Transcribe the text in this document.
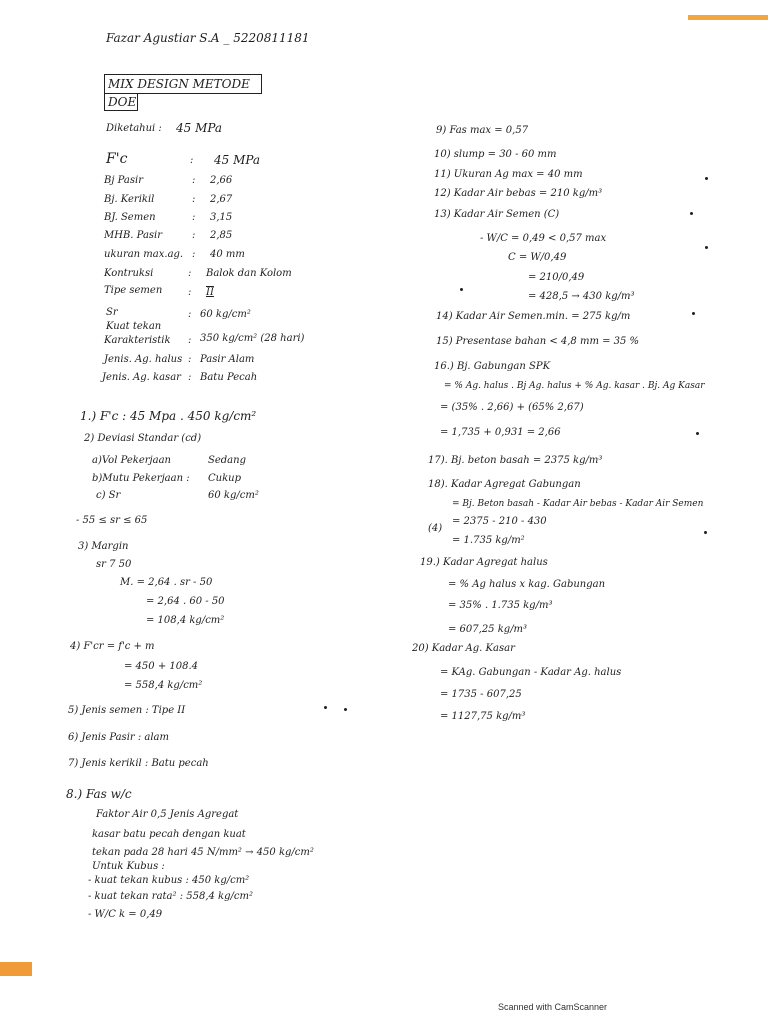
Fazar Agustiar S.A _ 5220811181
MIX DESIGN METODE
DOE
Diketahui : 45 MPa
F'c	: 45 MPa
Bj Pasir	: 2,66
Bj. Kerikil	: 2,67
BJ. Semen	: 3,15
MHB. Pasir	: 2,85
ukuran max.ag. : 40 mm
Kontruksi	: Balok dan Kolom
Tipe semen	: II
Sr	: 60 kg/cm²
Kuat tekan
Karakteristik : 350 kg/cm² (28 hari)
Jenis. Ag. halus : Pasir Alam
Jenis. Ag. kasar : Batu Pecah
1.) F'c : 45 Mpa . 450 kg/cm²
2) Deviasi Standar (cd)
a)Vol Pekerjaan	Sedang
b)Mutu Pekerjaan : Cukup
c) Sr	60 kg/cm²
- 55 ≤ sr ≤ 65
3) Margin
sr 7 50
M. = 2,64 . sr - 50
= 2,64 . 60 - 50
= 108,4 kg/cm²
4) F'cr = f'c + m
= 450 + 108.4
= 558,4 kg/cm²
5) Jenis semen : Tipe II
6) Jenis Pasir : alam
7) Jenis kerikil : Batu pecah
8.) Fas w/c
Faktor Air 0,5 Jenis Agregat
kasar batu pecah dengan kuat
tekan pada 28 hari 45 N/mm² → 450 kg/cm²
Untuk Kubus :
- kuat tekan kubus : 450 kg/cm²
- kuat tekan rata² : 558,4 kg/cm²
- W/C k = 0,49
9) Fas max = 0,57
10) slump = 30 - 60 mm
11) Ukuran Ag max = 40 mm
12) Kadar Air bebas = 210 kg/m³
13) Kadar Air Semen (C)
- W/C = 0,49 < 0,57 max
C = W/0,49
= 210/0,49
= 428,5 → 430 kg/m³
14) Kadar Air Semen.min. = 275 kg/m
15) Presentase bahan < 4,8 mm = 35 %
16.) Bj. Gabungan SPK
= % Ag. halus . Bj Ag. halus + % Ag. kasar . Bj. Ag Kasar
= (35% . 2,66) + (65% 2,67)
= 1,735 + 0,931 = 2,66
17). Bj. beton basah = 2375 kg/m³
18). Kadar Agregat Gabungan
= Bj. Beton basah - Kadar Air bebas - Kadar Air Semen
(4)
= 2375 - 210 - 430
= 1.735 kg/m²
19.) Kadar Agregat halus
= % Ag halus x kag. Gabungan
= 35% . 1.735 kg/m³
= 607,25 kg/m³
20) Kadar Ag. Kasar
= KAg. Gabungan - Kadar Ag. halus
= 1735 - 607,25
= 1127,75 kg/m³
Scanned with CamScanner
